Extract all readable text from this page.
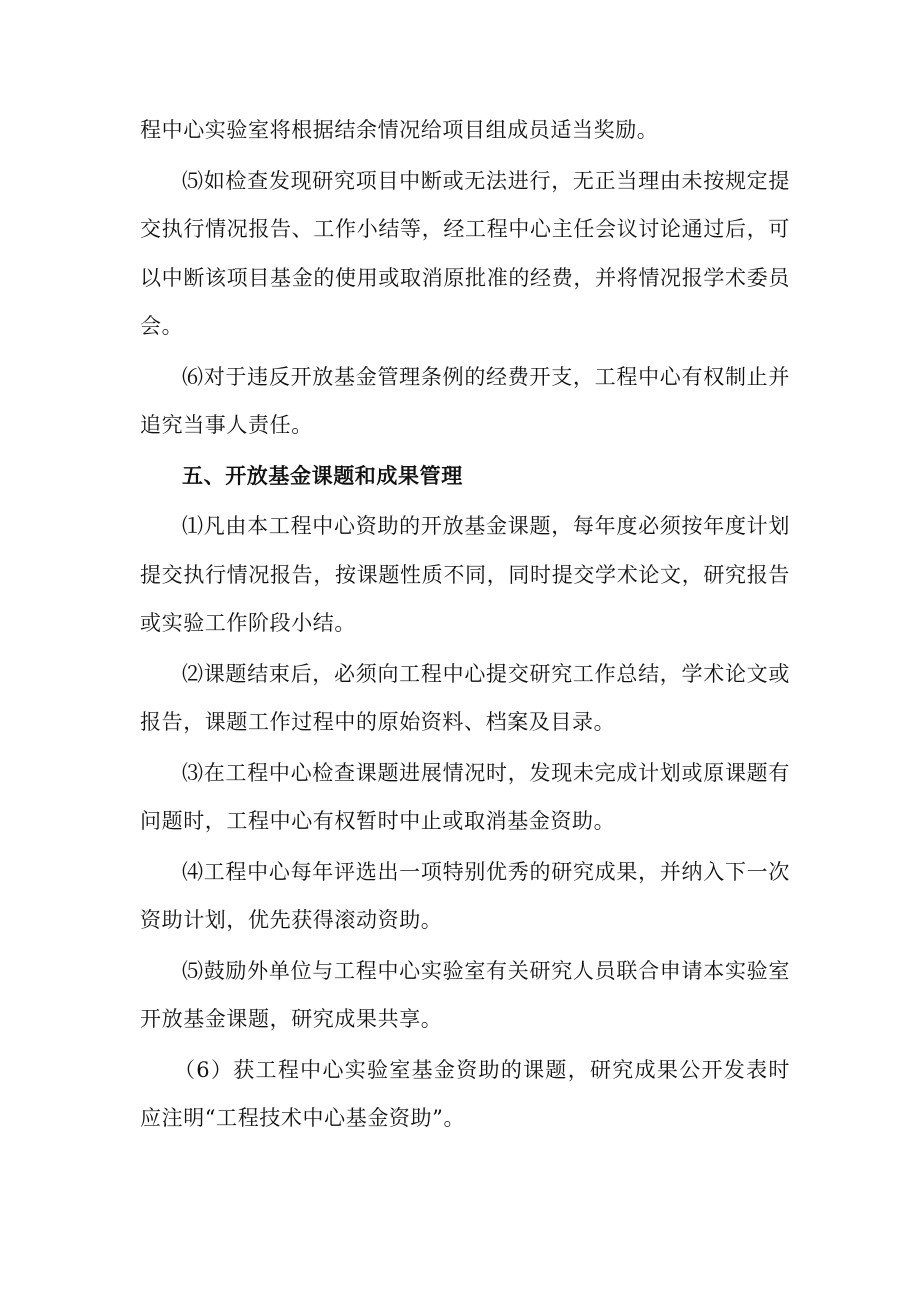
程中心实验室将根据结余情况给项目组成员适当奖励。

⑸如检查发现研究项目中断或无法进行，无正当理由未按规定提交执行情况报告、工作小结等，经工程中心主任会议讨论通过后，可以中断该项目基金的使用或取消原批准的经费，并将情况报学术委员会。

⑹对于违反开放基金管理条例的经费开支，工程中心有权制止并追究当事人责任。

五、开放基金课题和成果管理

⑴凡由本工程中心资助的开放基金课题，每年度必须按年度计划提交执行情况报告，按课题性质不同，同时提交学术论文，研究报告或实验工作阶段小结。

⑵课题结束后，必须向工程中心提交研究工作总结，学术论文或报告，课题工作过程中的原始资料、档案及目录。

⑶在工程中心检查课题进展情况时，发现未完成计划或原课题有问题时，工程中心有权暂时中止或取消基金资助。

⑷工程中心每年评选出一项特别优秀的研究成果，并纳入下一次资助计划，优先获得滚动资助。

⑸鼓励外单位与工程中心实验室有关研究人员联合申请本实验室开放基金课题，研究成果共享。

（6）获工程中心实验室基金资助的课题，研究成果公开发表时应注明“工程技术中心基金资助”。
